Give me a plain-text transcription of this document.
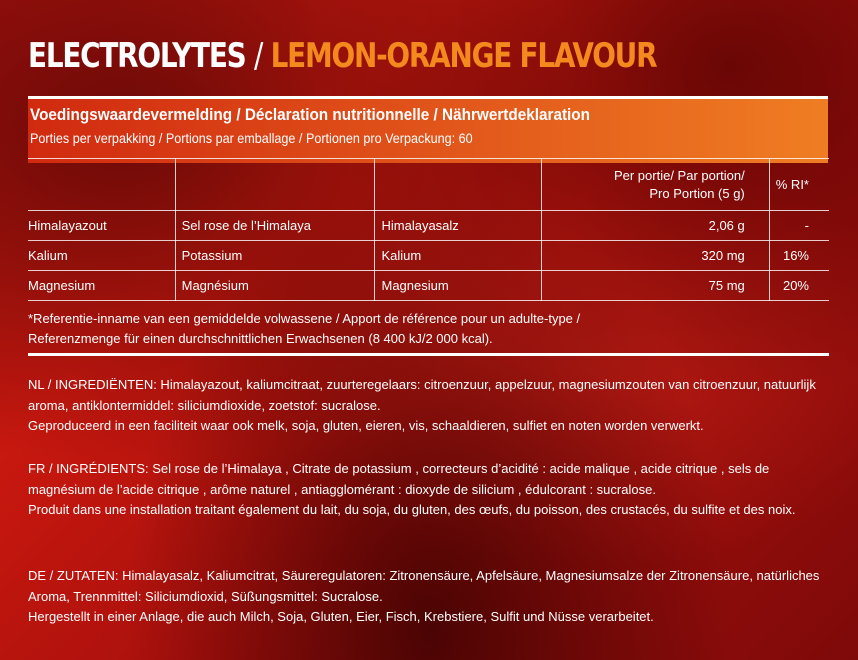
ELECTROLYTES / LEMON-ORANGE FLAVOUR
Voedingswaardevermelding / Déclaration nutritionnelle / Nährwertdeklaration
Porties per verpakking / Portions par emballage / Portionen pro Verpackung: 60

			Per portie/ Par portion/
Pro Portion (5 g)	% RI*
Himalayazout	Sel rose de l’Himalaya	Himalayasalz	2,06 g	-
Kalium	Potassium	Kalium	320 mg	16%
Magnesium	Magnésium	Magnesium	75 mg	20%
*Referentie-inname van een gemiddelde volwassene / Apport de référence pour un adulte-type /
Referenzmenge für einen durchschnittlichen Erwachsenen (8 400 kJ/2 000 kcal).

NL / INGREDIËNTEN: Himalayazout, kaliumcitraat, zuurteregelaars: citroenzuur, appelzuur, magnesiumzouten van citroenzuur, natuurlijk aroma, antiklontermiddel: siliciumdioxide, zoetstof: sucralose.

Geproduceerd in een faciliteit waar ook melk, soja, gluten, eieren, vis, schaaldieren, sulfiet en noten worden verwerkt.

FR / INGRÉDIENTS: Sel rose de l’Himalaya , Citrate de potassium , correcteurs d’acidité : acide malique , acide citrique , sels de magnésium de l’acide citrique , arôme naturel , antiagglomérant : dioxyde de silicium , édulcorant : sucralose.

Produit dans une installation traitant également du lait, du soja, du gluten, des œufs, du poisson, des crustacés, du sulfite et des noix.

DE / ZUTATEN: Himalayasalz, Kaliumcitrat, Säureregulatoren: Zitronensäure, Apfelsäure, Magnesiumsalze der Zitronensäure, natürliches Aroma, Trennmittel: Siliciumdioxid, Süßungsmittel: Sucralose.

Hergestellt in einer Anlage, die auch Milch, Soja, Gluten, Eier, Fisch, Krebstiere, Sulfit und Nüsse verarbeitet.
